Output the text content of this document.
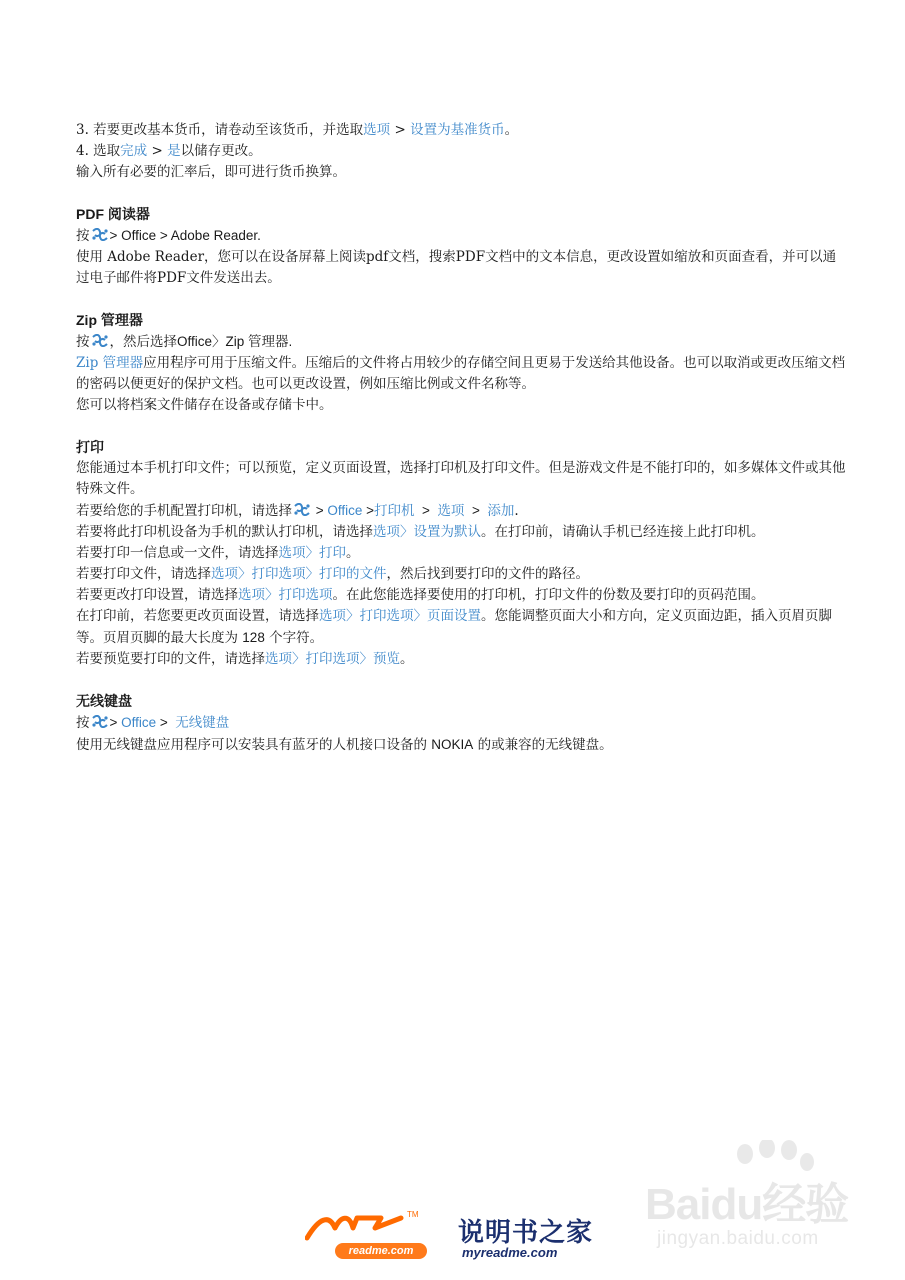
3. 若要更改基本货币，请卷动至该货币，并选取选项 > 设置为基准货币。
4. 选取完成 > 是以储存更改。
输入所有必要的汇率后，即可进行货币换算。
PDF 阅读器
按 > Office > Adobe Reader.
使用 Adobe Reader，您可以在设备屏幕上阅读pdf文档，搜索PDF文档中的文本信息，更改设置如缩放和页面查看，并可以通过电子邮件将PDF文件发送出去。
Zip 管理器
按 ，然后选择Office〉Zip 管理器.
Zip 管理器应用程序可用于压缩文件。压缩后的文件将占用较少的存储空间且更易于发送给其他设备。也可以取消或更改压缩文档的密码以便更好的保护文档。也可以更改设置，例如压缩比例或文件名称等。
您可以将档案文件储存在设备或存储卡中。
打印
您能通过本手机打印文件；可以预览，定义页面设置，选择打印机及打印文件。但是游戏文件是不能打印的，如多媒体文件或其他特殊文件。
若要给您的手机配置打印机，请选择 > Office >打印机  >  选项  >  添加.
若要将此打印机设备为手机的默认打印机，请选择选项〉设置为默认。在打印前，请确认手机已经连接上此打印机。
若要打印一信息或一文件，请选择选项〉打印。
若要打印文件，请选择选项〉打印选项〉打印的文件，然后找到要打印的文件的路径。
若要更改打印设置，请选择选项〉打印选项。在此您能选择要使用的打印机，打印文件的份数及要打印的页码范围。
在打印前，若您要更改页面设置，请选择选项〉打印选项〉页面设置。您能调整页面大小和方向，定义页面边距，插入页眉页脚等。页眉页脚的最大长度为 128 个字符。
若要预览要打印的文件，请选择选项〉打印选项〉预览。
无线键盘
按 > Office >  无线键盘
使用无线键盘应用程序可以安装具有蓝牙的人机接口设备的 NOKIA 的或兼容的无线键盘。
Baidu经验
jingyan.baidu.com
TM
readme.com
说明书之家
myreadme.com
